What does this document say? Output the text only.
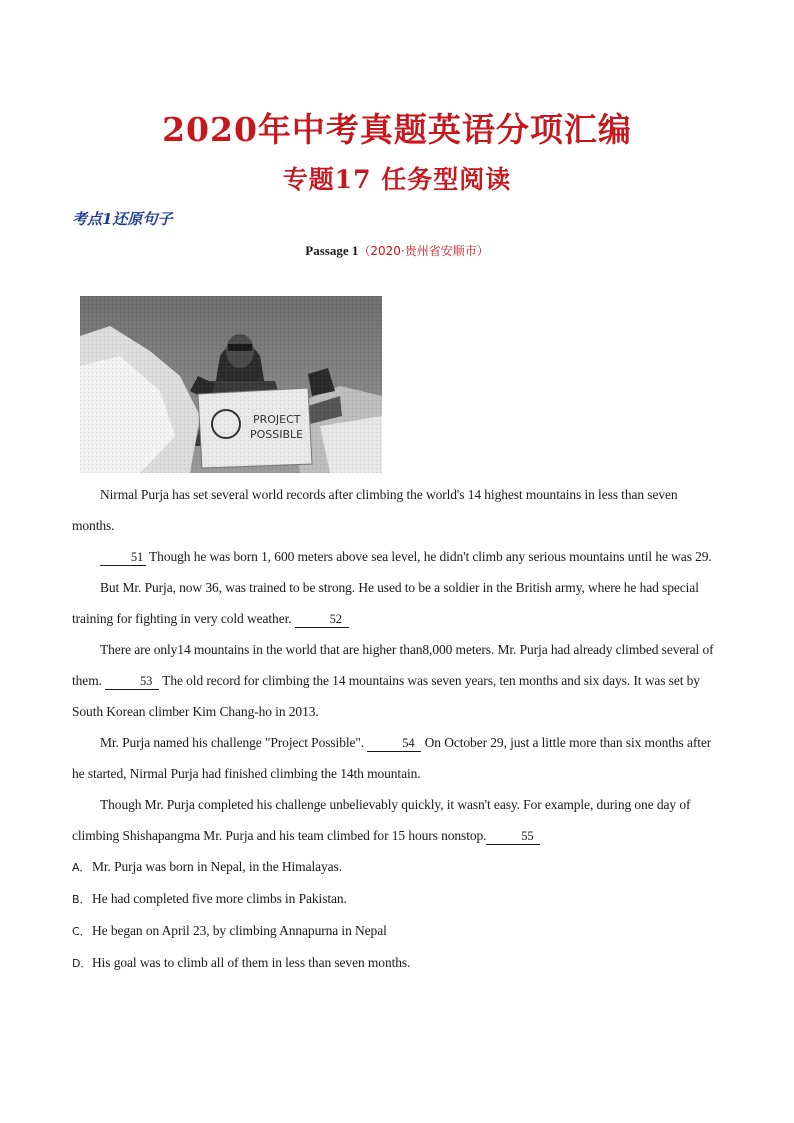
2020年中考真题英语分项汇编
专题17 任务型阅读
考点1还原句子
Passage 1（2020·贵州省安顺市）

Nirmal Purja has set several world records after climbing the world's 14 highest mountains in less than seven months.

51 Though he was born 1, 600 meters above sea level, he didn't climb any serious mountains until he was 29.

But Mr. Purja, now 36, was trained to be strong. He used to be a soldier in the British army, where he had special training for fighting in very cold weather.	52

There are only14 mountains in the world that are higher than8,000 meters. Mr. Purja had already climbed several of them.	53 The old record for climbing the 14 mountains was seven years, ten months and six days. It was set by South Korean climber Kim Chang-ho in 2013.

Mr. Purja named his challenge "Project Possible".	54 On October 29, just a little more than six months after he started, Nirmal Purja had finished climbing the 14th mountain.

Though Mr. Purja completed his challenge unbelievably quickly, it wasn't easy. For example, during one day of climbing Shishapangma Mr. Purja and his team climbed for 15 hours nonstop.	55

A． Mr. Purja was born in Nepal, in the Himalayas.

B． He had completed five more climbs in Pakistan.

C． He began on April 23, by climbing Annapurna in Nepal

D．His goal was to climb all of them in less than seven months.
